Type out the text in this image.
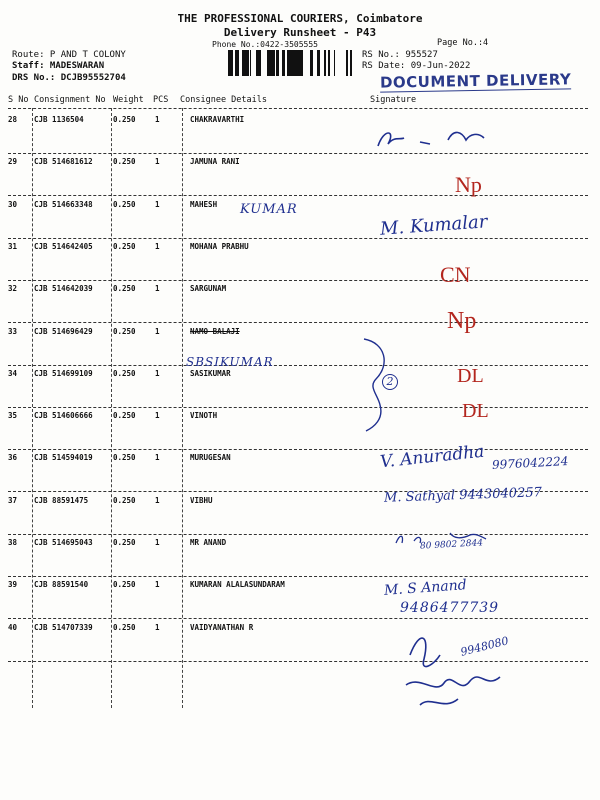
THE PROFESSIONAL COURIERS, Coimbatore
Delivery Runsheet - P43
Phone No.:0422-3505555	Page No.:4
Route: P AND T COLONY
Staff: MADESWARAN
DRS No.: DCJB95552704
RS No.: 955527
RS Date: 09-Jun-2022
DOCUMENT DELIVERY
S No Consignment No Weight PCS Consignee Details	Signature
28 CJB 1136504	0.250	1	CHAKRAVARTHI
29 CJB 514681612	0.250	1	JAMUNA RANI
30 CJB 514663348	0.250	1	MAHESH
31 CJB 514642405	0.250	1	MOHANA PRABHU
32 CJB 514642039	0.250	1	SARGUNAM
33 CJB 514696429	0.250	1	NAMO BALAJI
34 CJB 514699109	0.250	1	SASIKUMAR
35 CJB 514606666	0.250	1	VINOTH
36 CJB 514594019	0.250	1	MURUGESAN
37 CJB 88591475	0.250	1	VIBHU
38 CJB 514695043	0.250	1	MR ANAND
39 CJB 88591540	0.250	1	KUMARAN ALALASUNDARAM
40 CJB 514707339	0.250	1	VAIDYANATHAN R
KUMAR
SBSIKUMAR
2
Np
M. Kumalar
CN
Np
DL
DL
V. Anuradha 9976042224
M. Sathyal 9443040257
80 9802 2844
M. S Anand
9486477739
9948080
